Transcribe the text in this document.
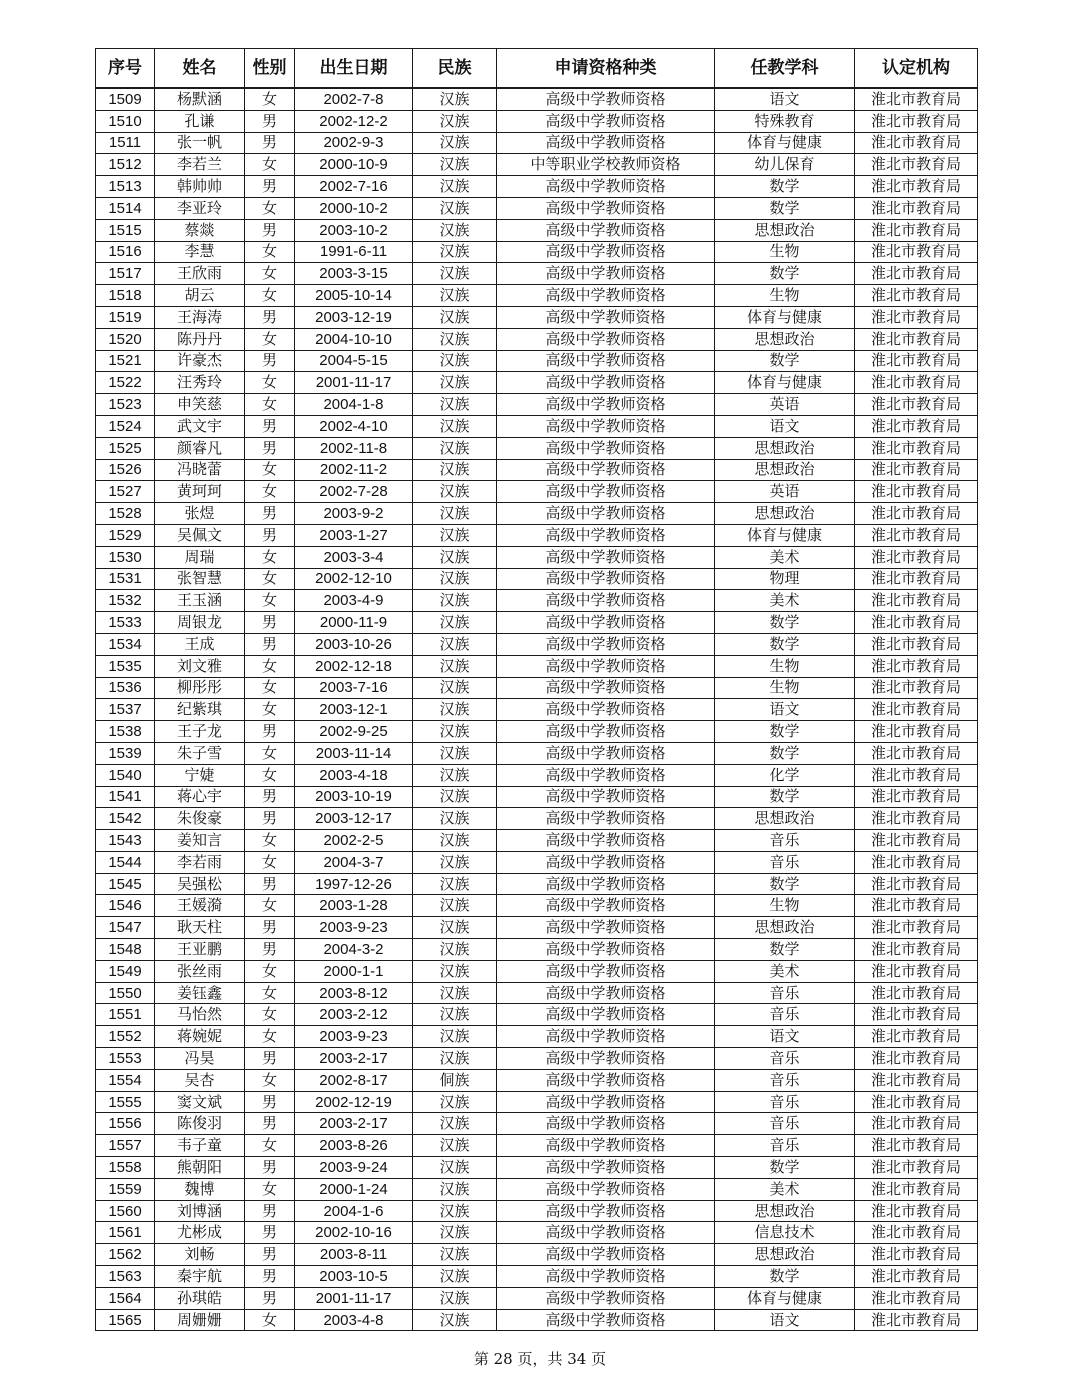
序号	姓名	性别	出生日期	民族	申请资格种类	任教学科	认定机构
1509	杨默涵	女	2002-7-8	汉族	高级中学教师资格	语文	淮北市教育局
1510	孔谦	男	2002-12-2	汉族	高级中学教师资格	特殊教育	淮北市教育局
1511	张一帆	男	2002-9-3	汉族	高级中学教师资格	体育与健康	淮北市教育局
1512	李若兰	女	2000-10-9	汉族	中等职业学校教师资格	幼儿保育	淮北市教育局
1513	韩帅帅	男	2002-7-16	汉族	高级中学教师资格	数学	淮北市教育局
1514	李亚玲	女	2000-10-2	汉族	高级中学教师资格	数学	淮北市教育局
1515	蔡燚	男	2003-10-2	汉族	高级中学教师资格	思想政治	淮北市教育局
1516	李慧	女	1991-6-11	汉族	高级中学教师资格	生物	淮北市教育局
1517	王欣雨	女	2003-3-15	汉族	高级中学教师资格	数学	淮北市教育局
1518	胡云	女	2005-10-14	汉族	高级中学教师资格	生物	淮北市教育局
1519	王海涛	男	2003-12-19	汉族	高级中学教师资格	体育与健康	淮北市教育局
1520	陈丹丹	女	2004-10-10	汉族	高级中学教师资格	思想政治	淮北市教育局
1521	许豪杰	男	2004-5-15	汉族	高级中学教师资格	数学	淮北市教育局
1522	汪秀玲	女	2001-11-17	汉族	高级中学教师资格	体育与健康	淮北市教育局
1523	申笑慈	女	2004-1-8	汉族	高级中学教师资格	英语	淮北市教育局
1524	武文宇	男	2002-4-10	汉族	高级中学教师资格	语文	淮北市教育局
1525	颜睿凡	男	2002-11-8	汉族	高级中学教师资格	思想政治	淮北市教育局
1526	冯晓蕾	女	2002-11-2	汉族	高级中学教师资格	思想政治	淮北市教育局
1527	黄珂珂	女	2002-7-28	汉族	高级中学教师资格	英语	淮北市教育局
1528	张煜	男	2003-9-2	汉族	高级中学教师资格	思想政治	淮北市教育局
1529	吴佩文	男	2003-1-27	汉族	高级中学教师资格	体育与健康	淮北市教育局
1530	周瑞	女	2003-3-4	汉族	高级中学教师资格	美术	淮北市教育局
1531	张智慧	女	2002-12-10	汉族	高级中学教师资格	物理	淮北市教育局
1532	王玉涵	女	2003-4-9	汉族	高级中学教师资格	美术	淮北市教育局
1533	周银龙	男	2000-11-9	汉族	高级中学教师资格	数学	淮北市教育局
1534	王成	男	2003-10-26	汉族	高级中学教师资格	数学	淮北市教育局
1535	刘文雅	女	2002-12-18	汉族	高级中学教师资格	生物	淮北市教育局
1536	柳彤彤	女	2003-7-16	汉族	高级中学教师资格	生物	淮北市教育局
1537	纪紫琪	女	2003-12-1	汉族	高级中学教师资格	语文	淮北市教育局
1538	王子龙	男	2002-9-25	汉族	高级中学教师资格	数学	淮北市教育局
1539	朱子雪	女	2003-11-14	汉族	高级中学教师资格	数学	淮北市教育局
1540	宁婕	女	2003-4-18	汉族	高级中学教师资格	化学	淮北市教育局
1541	蒋心宇	男	2003-10-19	汉族	高级中学教师资格	数学	淮北市教育局
1542	朱俊豪	男	2003-12-17	汉族	高级中学教师资格	思想政治	淮北市教育局
1543	姜知言	女	2002-2-5	汉族	高级中学教师资格	音乐	淮北市教育局
1544	李若雨	女	2004-3-7	汉族	高级中学教师资格	音乐	淮北市教育局
1545	吴强松	男	1997-12-26	汉族	高级中学教师资格	数学	淮北市教育局
1546	王媛漪	女	2003-1-28	汉族	高级中学教师资格	生物	淮北市教育局
1547	耿天柱	男	2003-9-23	汉族	高级中学教师资格	思想政治	淮北市教育局
1548	王亚鹏	男	2004-3-2	汉族	高级中学教师资格	数学	淮北市教育局
1549	张丝雨	女	2000-1-1	汉族	高级中学教师资格	美术	淮北市教育局
1550	姜钰鑫	女	2003-8-12	汉族	高级中学教师资格	音乐	淮北市教育局
1551	马怡然	女	2003-2-12	汉族	高级中学教师资格	音乐	淮北市教育局
1552	蒋婉妮	女	2003-9-23	汉族	高级中学教师资格	语文	淮北市教育局
1553	冯昊	男	2003-2-17	汉族	高级中学教师资格	音乐	淮北市教育局
1554	吴杏	女	2002-8-17	侗族	高级中学教师资格	音乐	淮北市教育局
1555	窦文斌	男	2002-12-19	汉族	高级中学教师资格	音乐	淮北市教育局
1556	陈俊羽	男	2003-2-17	汉族	高级中学教师资格	音乐	淮北市教育局
1557	韦子童	女	2003-8-26	汉族	高级中学教师资格	音乐	淮北市教育局
1558	熊朝阳	男	2003-9-24	汉族	高级中学教师资格	数学	淮北市教育局
1559	魏博	女	2000-1-24	汉族	高级中学教师资格	美术	淮北市教育局
1560	刘博涵	男	2004-1-6	汉族	高级中学教师资格	思想政治	淮北市教育局
1561	尤彬成	男	2002-10-16	汉族	高级中学教师资格	信息技术	淮北市教育局
1562	刘畅	男	2003-8-11	汉族	高级中学教师资格	思想政治	淮北市教育局
1563	秦宇航	男	2003-10-5	汉族	高级中学教师资格	数学	淮北市教育局
1564	孙琪皓	男	2001-11-17	汉族	高级中学教师资格	体育与健康	淮北市教育局
1565	周姗姗	女	2003-4-8	汉族	高级中学教师资格	语文	淮北市教育局
第 28 页，共 34 页
